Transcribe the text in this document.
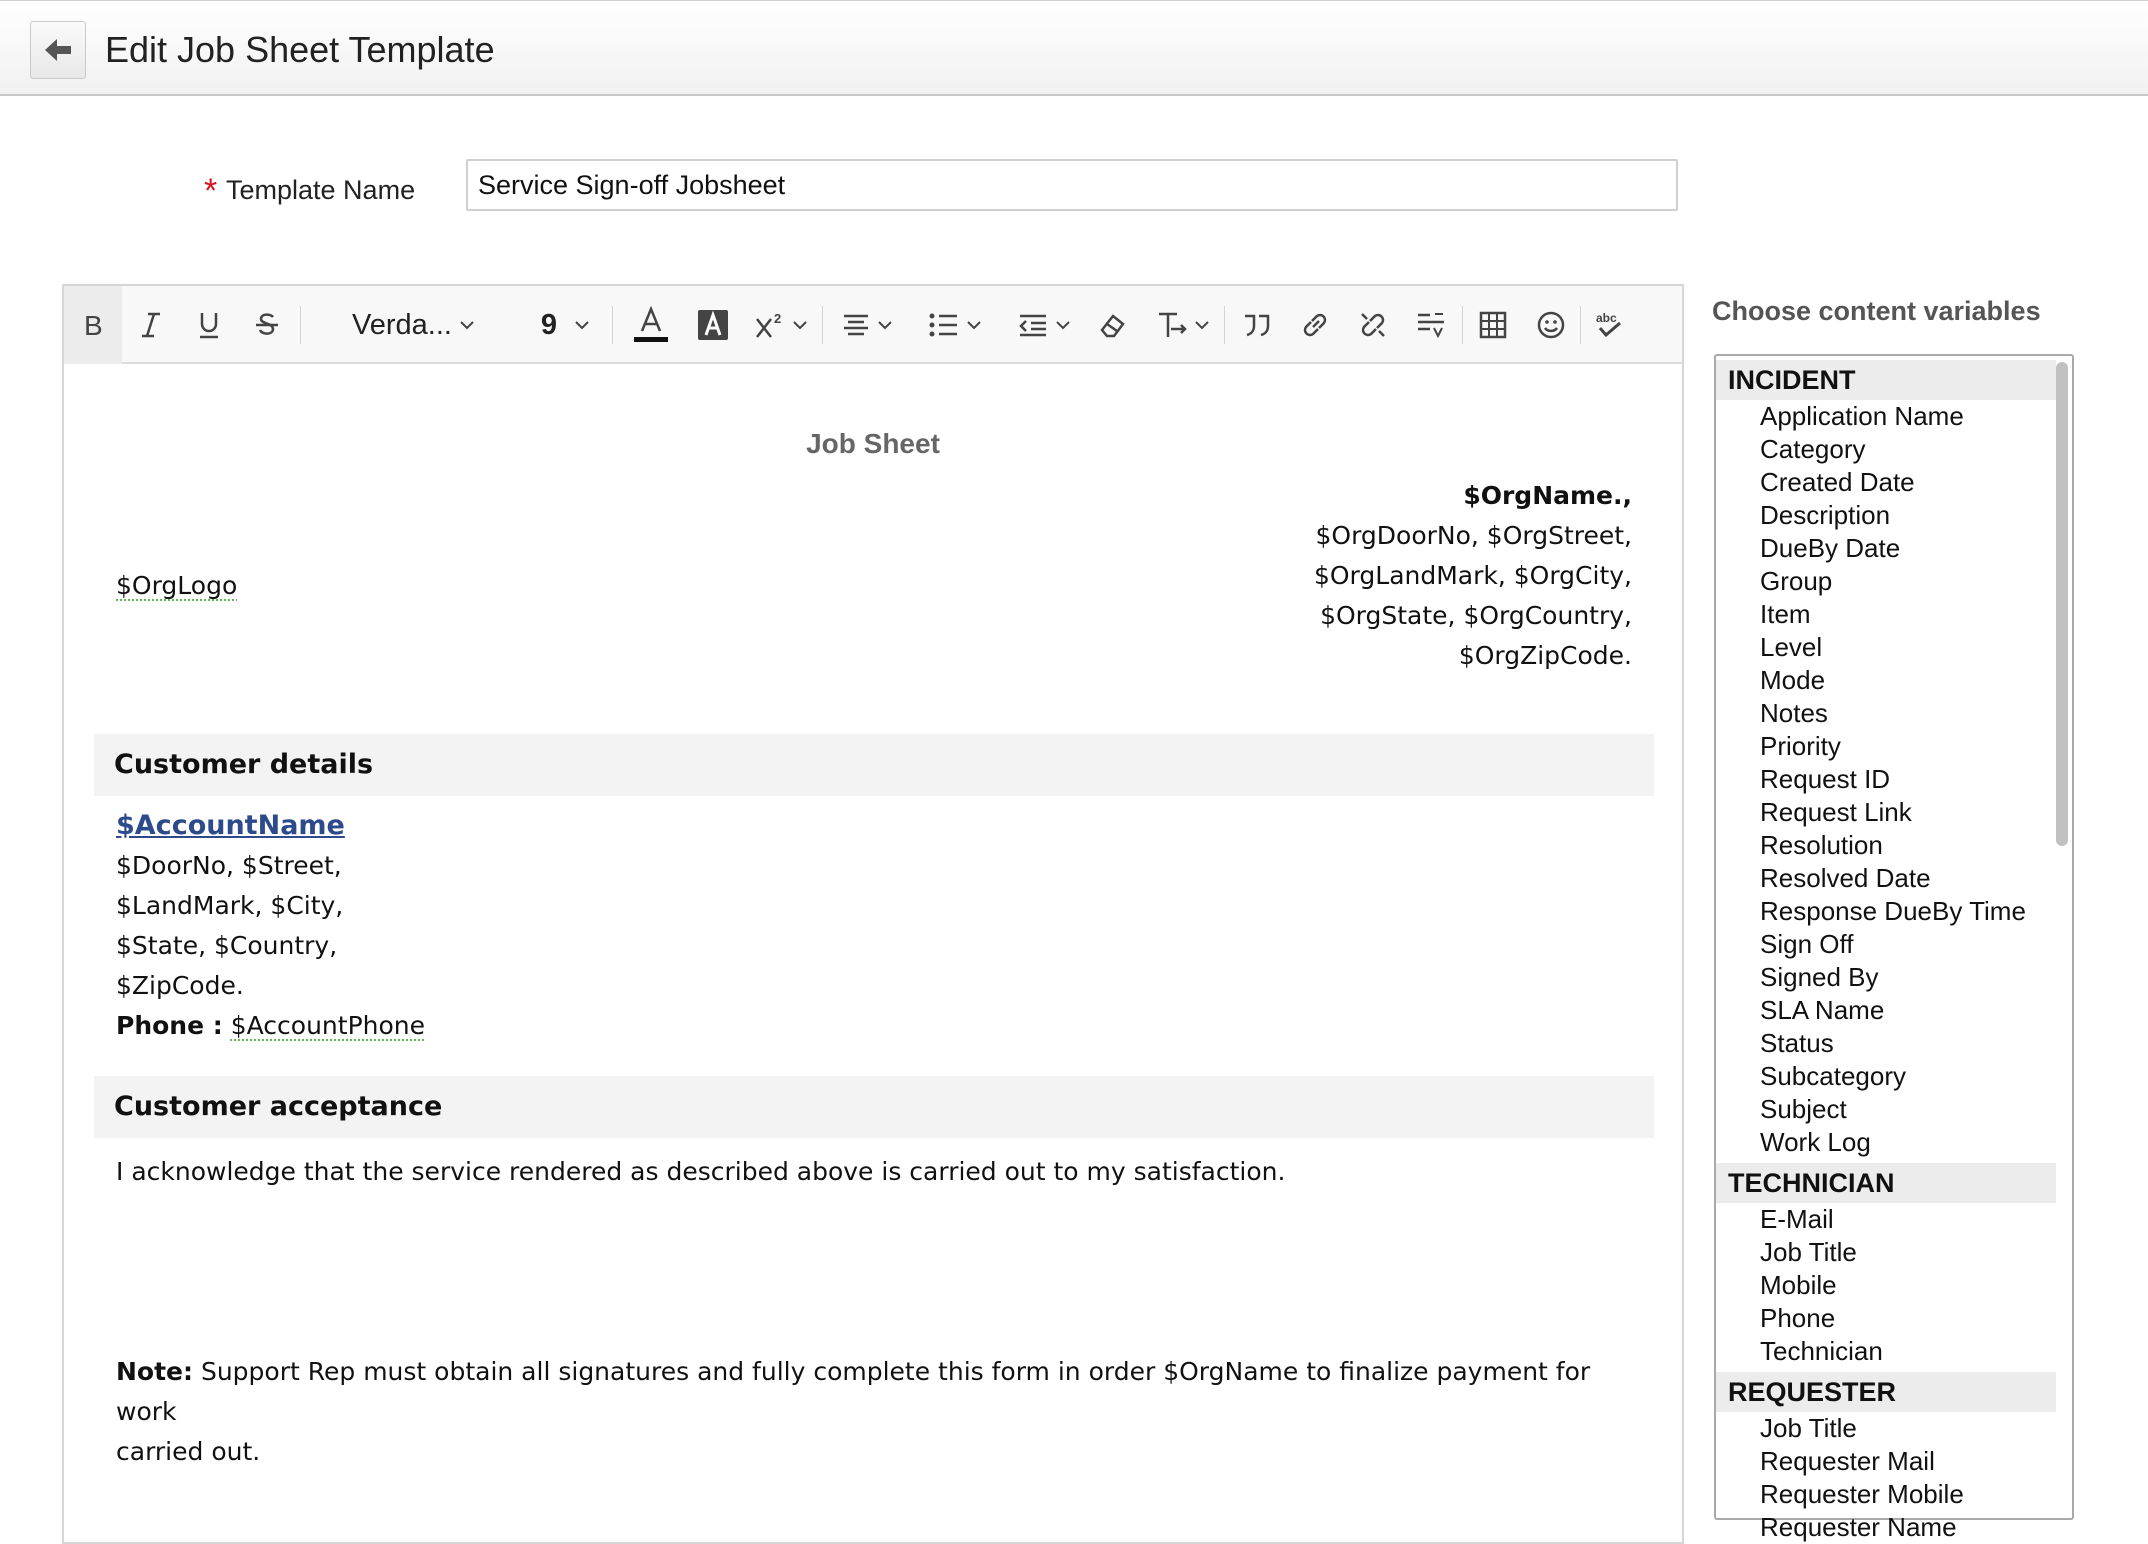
Edit Job Sheet Template
* Template Name
Service Sign-off Jobsheet
B	Verda...	9	2	abc
Job Sheet
$OrgLogo
$OrgName.,
$OrgDoorNo, $OrgStreet,
$OrgLandMark, $OrgCity,
$OrgState, $OrgCountry,
$OrgZipCode.
Customer details
$AccountName
$DoorNo, $Street,
$LandMark, $City,
$State, $Country,
$ZipCode.
Phone : $AccountPhone
Customer acceptance
I acknowledge that the service rendered as described above is carried out to my satisfaction.
Note: Support Rep must obtain all signatures and fully complete this form in order $OrgName to finalize payment for work
carried out.
Choose content variables
INCIDENT
Application Name
Category
Created Date
Description
DueBy Date
Group
Item
Level
Mode
Notes
Priority
Request ID
Request Link
Resolution
Resolved Date
Response DueBy Time
Sign Off
Signed By
SLA Name
Status
Subcategory
Subject
Work Log
TECHNICIAN
E-Mail
Job Title
Mobile
Phone
Technician
REQUESTER
Job Title
Requester Mail
Requester Mobile
Requester Name
